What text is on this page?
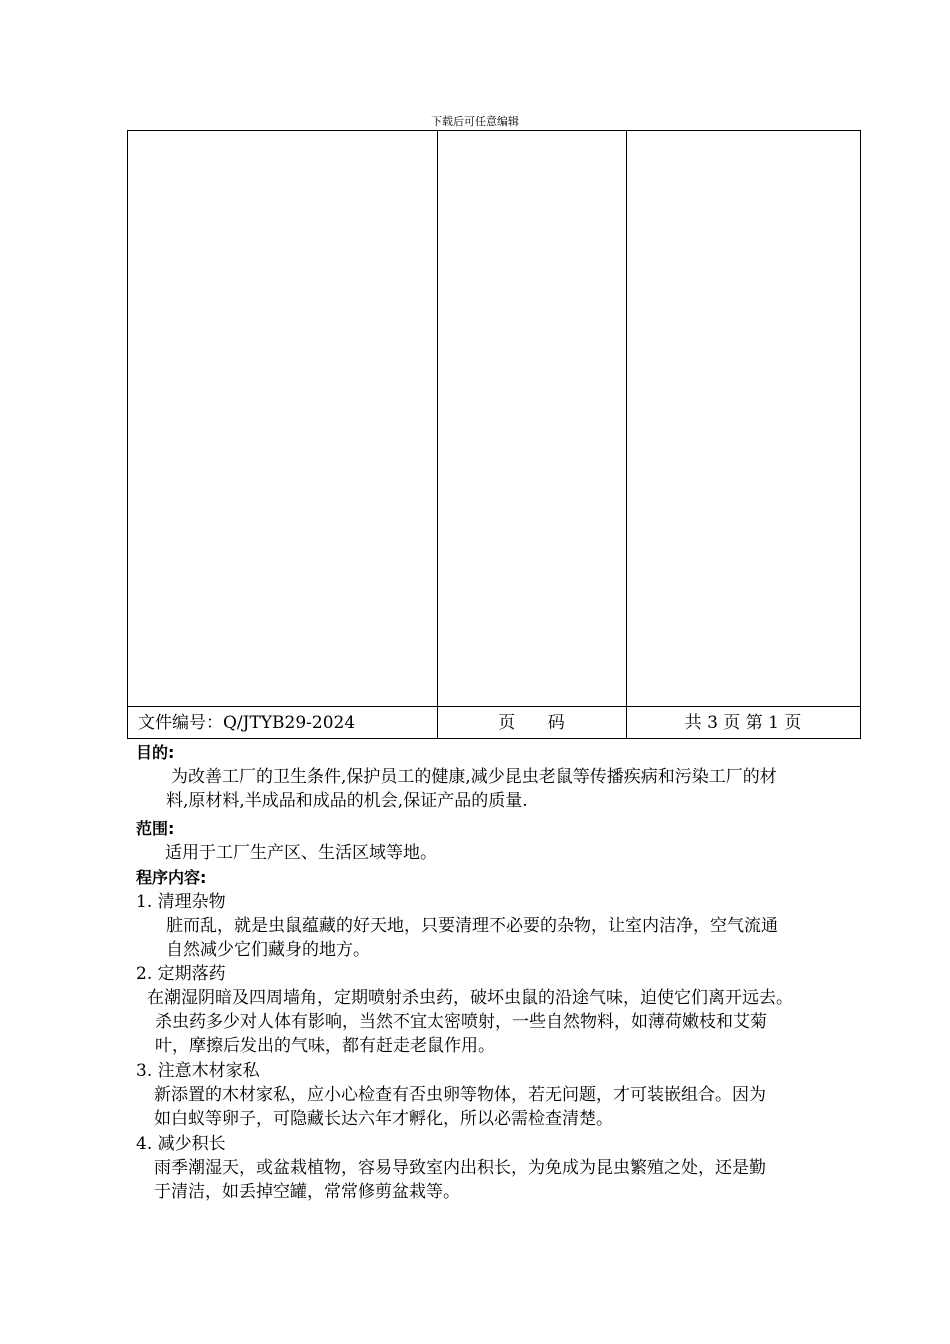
下载后可任意编辑
文件编号：Q/JTYB29-2024	页      码	共 3 页 第 1 页
目的:
为改善工厂的卫生条件,保护员工的健康,减少昆虫老鼠等传播疾病和污染工厂的材
料,原材料,半成品和成品的机会,保证产品的质量.
范围:
适用于工厂生产区、生活区域等地。
程序内容:
1. 清理杂物
脏而乱，就是虫鼠蕴藏的好天地，只要清理不必要的杂物，让室内洁净，空气流通
自然减少它们藏身的地方。
2. 定期落药
在潮湿阴暗及四周墙角，定期喷射杀虫药，破坏虫鼠的沿途气味，迫使它们离开远去。
杀虫药多少对人体有影响，当然不宜太密喷射，一些自然物料，如薄荷嫩枝和艾菊
叶，摩擦后发出的气味，都有赶走老鼠作用。
3. 注意木材家私
新添置的木材家私，应小心检查有否虫卵等物体，若无问题，才可装嵌组合。因为
如白蚁等卵子，可隐藏长达六年才孵化，所以必需检查清楚。
4. 减少积长
雨季潮湿天，或盆栽植物，容易导致室内出积长，为免成为昆虫繁殖之处，还是勤
于清洁，如丢掉空罐，常常修剪盆栽等。
